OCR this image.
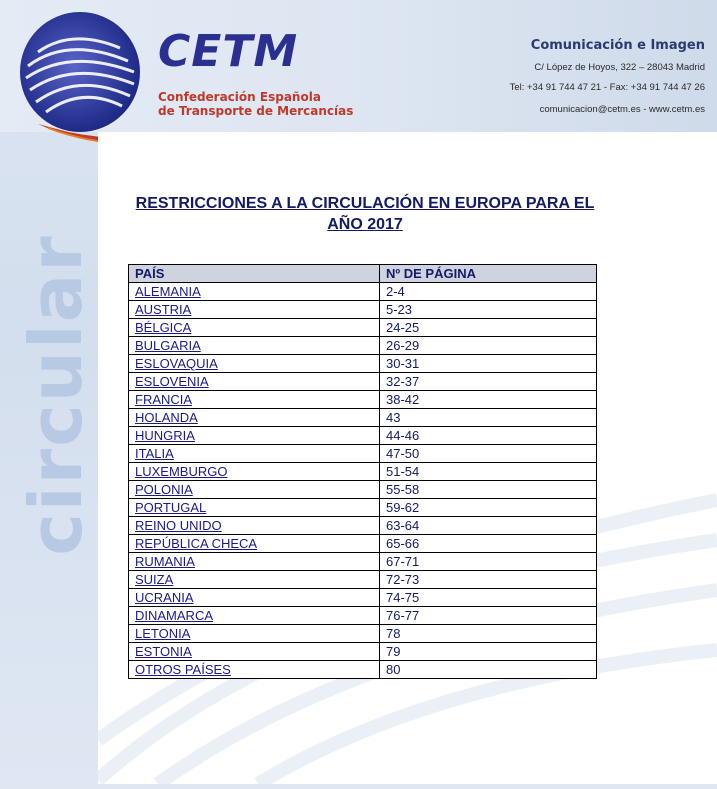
CETM
Confederación Española
de Transporte de Mercancías
Comunicación e Imagen
C/ López de Hoyos, 322 – 28043 Madrid
Tel: +34 91 744 47 21 - Fax: +34 91 744 47 26
comunicacion@cetm.es - www.cetm.es
circular
RESTRICCIONES A LA CIRCULACIÓN EN EUROPA PARA EL
AÑO 2017
PAÍS	Nº DE PÁGINA
ALEMANIA	2-4
AUSTRIA	5-23
BÉLGICA	24-25
BULGARIA	26-29
ESLOVAQUIA	30-31
ESLOVENIA	32-37
FRANCIA	38-42
HOLANDA	43
HUNGRIA	44-46
ITALIA	47-50
LUXEMBURGO	51-54
POLONIA	55-58
PORTUGAL	59-62
REINO UNIDO	63-64
REPÚBLICA CHECA	65-66
RUMANIA	67-71
SUIZA	72-73
UCRANIA	74-75
DINAMARCA	76-77
LETONIA	78
ESTONIA	79
OTROS PAÍSES	80
